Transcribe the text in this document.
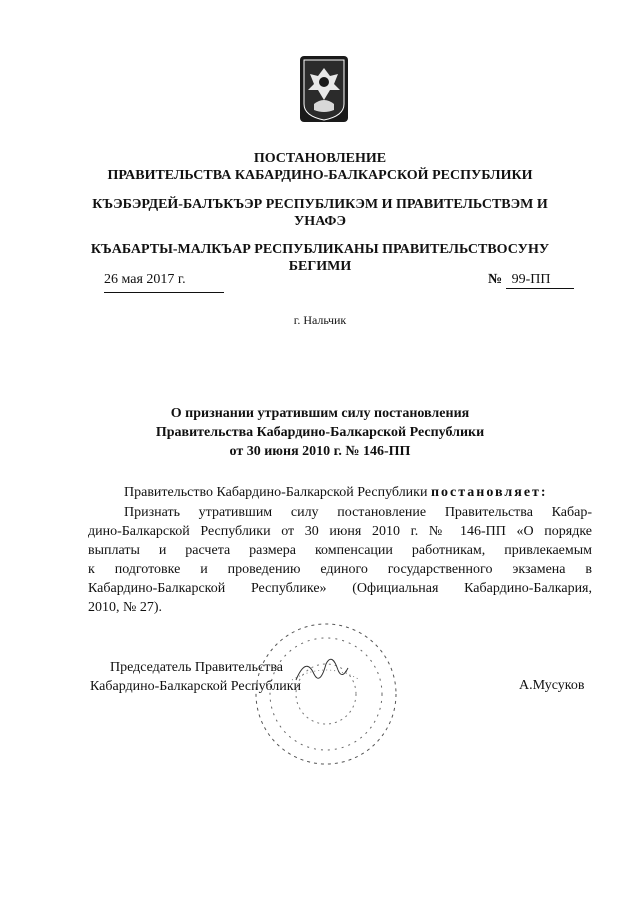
ПОСТАНОВЛЕНИЕ
ПРАВИТЕЛЬСТВА КАБАРДИНО-БАЛКАРСКОЙ РЕСПУБЛИКИ
КЪЭБЭРДЕЙ-БАЛЪКЪЭР РЕСПУБЛИКЭМ И ПРАВИТЕЛЬСТВЭМ И
УНАФЭ
КЪАБАРТЫ-МАЛКЪАР РЕСПУБЛИКАНЫ ПРАВИТЕЛЬСТВОСУНУ
БЕГИМИ
26 мая 2017 г.	№ 99-ПП
г. Нальчик
О признании утратившим силу постановления
Правительства Кабардино-Балкарской Республики
от 30 июня 2010 г. № 146-ПП
Правительство Кабардино-Балкарской Республики постановляет:
Признать утратившим силу постановление Правительства Кабар-
дино-Балкарской Республики от 30 июня 2010 г. № 146-ПП «О порядке
выплаты и расчета размера компенсации работникам, привлекаемым
к подготовке и проведению единого государственного экзамена в
Кабардино-Балкарской Республике» (Официальная Кабардино-Балкария,
2010, № 27).
Председатель Правительства
Кабардино-Балкарской Республики	А.Мусуков
